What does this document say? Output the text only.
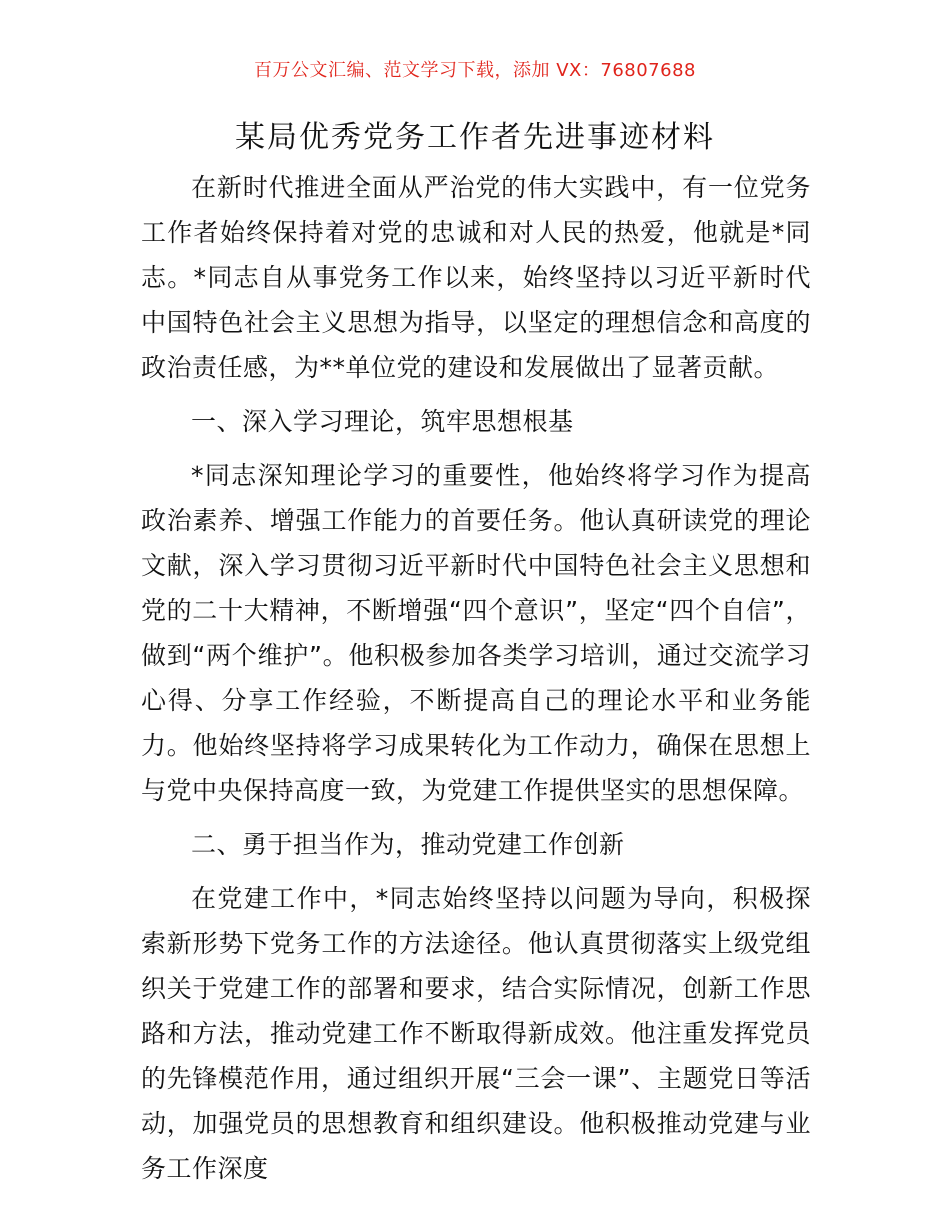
百万公文汇编、范文学习下载，添加 VX：76807688
某局优秀党务工作者先进事迹材料

在新时代推进全面从严治党的伟大实践中，有一位党务工作者始终保持着对党的忠诚和对人民的热爱，他就是*同志。*同志自从事党务工作以来，始终坚持以习近平新时代中国特色社会主义思想为指导，以坚定的理想信念和高度的政治责任感，为**单位党的建设和发展做出了显著贡献。

一、深入学习理论，筑牢思想根基

*同志深知理论学习的重要性，他始终将学习作为提高政治素养、增强工作能力的首要任务。他认真研读党的理论文献，深入学习贯彻习近平新时代中国特色社会主义思想和党的二十大精神，不断增强“四个意识”，坚定“四个自信”，做到“两个维护”。他积极参加各类学习培训，通过交流学习心得、分享工作经验，不断提高自己的理论水平和业务能力。他始终坚持将学习成果转化为工作动力，确保在思想上与党中央保持高度一致，为党建工作提供坚实的思想保障。

二、勇于担当作为，推动党建工作创新

在党建工作中，*同志始终坚持以问题为导向，积极探索新形势下党务工作的方法途径。他认真贯彻落实上级党组织关于党建工作的部署和要求，结合实际情况，创新工作思路和方法，推动党建工作不断取得新成效。他注重发挥党员的先锋模范作用，通过组织开展“三会一课”、主题党日等活动，加强党员的思想教育和组织建设。他积极推动党建与业务工作深度
